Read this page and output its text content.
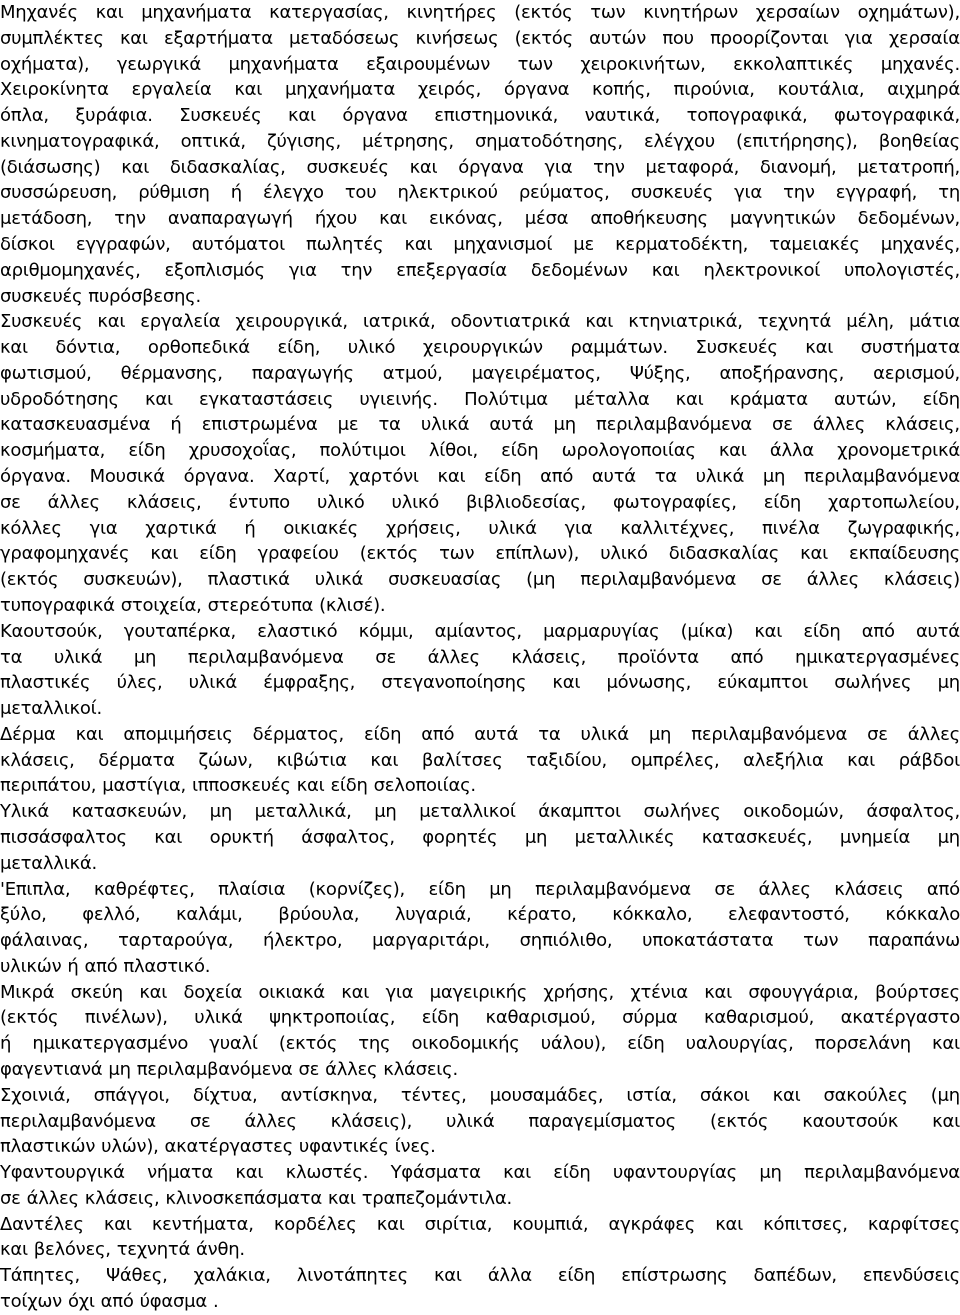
Μηχανές και μηχανήματα κατεργασίας, κινητήρες (εκτός των κινητήρων χερσαίων οχημάτων),
συμπλέκτες και εξαρτήματα μεταδόσεως κινήσεως (εκτός αυτών που προορίζονται για χερσαία
οχήματα), γεωργικά μηχανήματα εξαιρουμένων των χειροκινήτων, εκκολαπτικές μηχανές.
Χειροκίνητα εργαλεία και μηχανήματα χειρός, όργανα κοπής, πιρούνια, κουτάλια, αιχμηρά
όπλα, ξυράφια. Συσκευές και όργανα επιστημονικά, ναυτικά, τοπογραφικά, φωτογραφικά,
κινηματογραφικά, οπτικά, ζύγισης, μέτρησης, σηματοδότησης, ελέγχου (επιτήρησης), βοηθείας
(διάσωσης) και διδασκαλίας, συσκευές και όργανα για την μεταφορά, διανομή, μετατροπή,
συσσώρευση, ρύθμιση ή έλεγχο του ηλεκτρικού ρεύματος, συσκευές για την εγγραφή, τη
μετάδοση, την αναπαραγωγή ήχου και εικόνας, μέσα αποθήκευσης μαγνητικών δεδομένων,
δίσκοι εγγραφών, αυτόματοι πωλητές και μηχανισμοί με κερματοδέκτη, ταμειακές μηχανές,
αριθμομηχανές, εξοπλισμός για την επεξεργασία δεδομένων και ηλεκτρονικοί υπολογιστές,
συσκευές πυρόσβεσης.
Συσκευές και εργαλεία χειρουργικά, ιατρικά, οδοντιατρικά και κτηνιατρικά, τεχνητά μέλη, μάτια
και δόντια, ορθοπεδικά είδη, υλικό χειρουργικών ραμμάτων. Συσκευές και συστήματα
φωτισμού, θέρμανσης, παραγωγής ατμού, μαγειρέματος, Ψύξης, αποξήρανσης, αερισμού,
υδροδότησης και εγκαταστάσεις υγιεινής. Πολύτιμα μέταλλα και κράματα αυτών, είδη
κατασκευασμένα ή επιστρωμένα με τα υλικά αυτά μη περιλαμβανόμενα σε άλλες κλάσεις,
κοσμήματα, είδη χρυσοχοΐας, πολύτιμοι λίθοι, είδη ωρολογοποιίας και άλλα χρονομετρικά
όργανα. Μουσικά όργανα. Χαρτί, χαρτόνι και είδη από αυτά τα υλικά μη περιλαμβανόμενα
σε άλλες κλάσεις, έντυπο υλικό υλικό βιβλιοδεσίας, φωτογραφίες, είδη χαρτοπωλείου,
κόλλες για χαρτικά ή οικιακές χρήσεις, υλικά για καλλιτέχνες, πινέλα ζωγραφικής,
γραφομηχανές και είδη γραφείου (εκτός των επίπλων), υλικό διδασκαλίας και εκπαίδευσης
(εκτός συσκευών), πλαστικά υλικά συσκευασίας (μη περιλαμβανόμενα σε άλλες κλάσεις)
τυπογραφικά στοιχεία, στερεότυπα (κλισέ).
Καουτσούκ, γουταπέρκα, ελαστικό κόμμι, αμίαντος, μαρμαρυγίας (μίκα) και είδη από αυτά
τα υλικά μη περιλαμβανόμενα σε άλλες κλάσεις, προϊόντα από ημικατεργασμένες
πλαστικές ύλες, υλικά έμφραξης, στεγανοποίησης και μόνωσης, εύκαμπτοι σωλήνες μη
μεταλλικοί.
Δέρμα και απομιμήσεις δέρματος, είδη από αυτά τα υλικά μη περιλαμβανόμενα σε άλλες
κλάσεις, δέρματα ζώων, κιβώτια και βαλίτσες ταξιδίου, ομπρέλες, αλεξήλια και ράβδοι
περιπάτου, μαστίγια, ιπποσκευές και είδη σελοποιίας.
Υλικά κατασκευών, μη μεταλλικά, μη μεταλλικοί άκαμπτοι σωλήνες οικοδομών, άσφαλτος,
πισσάσφαλτος και ορυκτή άσφαλτος, φορητές μη μεταλλικές κατασκευές, μνημεία μη
μεταλλικά.
'Επιπλα, καθρέφτες, πλαίσια (κορνίζες), είδη μη περιλαμβανόμενα σε άλλες κλάσεις από
ξύλο, φελλό, καλάμι, βρύουλα, λυγαριά, κέρατο, κόκκαλο, ελεφαντοστό, κόκκαλο
φάλαινας, ταρταρούγα, ήλεκτρο, μαργαριτάρι, σηπιόλιθο, υποκατάστατα των παραπάνω
υλικών ή από πλαστικό.
Μικρά σκεύη και δοχεία οικιακά και για μαγειρικής χρήσης, χτένια και σφουγγάρια, βούρτσες
(εκτός πινέλων), υλικά ψηκτροποιίας, είδη καθαρισμού, σύρμα καθαρισμού, ακατέργαστο
ή ημικατεργασμένο γυαλί (εκτός της οικοδομικής υάλου), είδη υαλουργίας, πορσελάνη και
φαγεντιανά μη περιλαμβανόμενα σε άλλες κλάσεις.
Σχοινιά, σπάγγοι, δίχτυα, αντίσκηνα, τέντες, μουσαμάδες, ιστία, σάκοι και σακούλες (μη
περιλαμβανόμενα σε άλλες κλάσεις), υλικά παραγεμίσματος (εκτός καουτσούκ και
πλαστικών υλών), ακατέργαστες υφαντικές ίνες.
Υφαντουργικά νήματα και κλωστές. Υφάσματα και είδη υφαντουργίας μη περιλαμβανόμενα
σε άλλες κλάσεις, κλινοσκεπάσματα και τραπεζομάντιλα.
Δαντέλες και κεντήματα, κορδέλες και σιρίτια, κουμπιά, αγκράφες και κόπιτσες, καρφίτσες
και βελόνες, τεχνητά άνθη.
Τάπητες, Ψάθες, χαλάκια, λινοτάπητες και άλλα είδη επίστρωσης δαπέδων, επενδύσεις
τοίχων όχι από ύφασμα .
